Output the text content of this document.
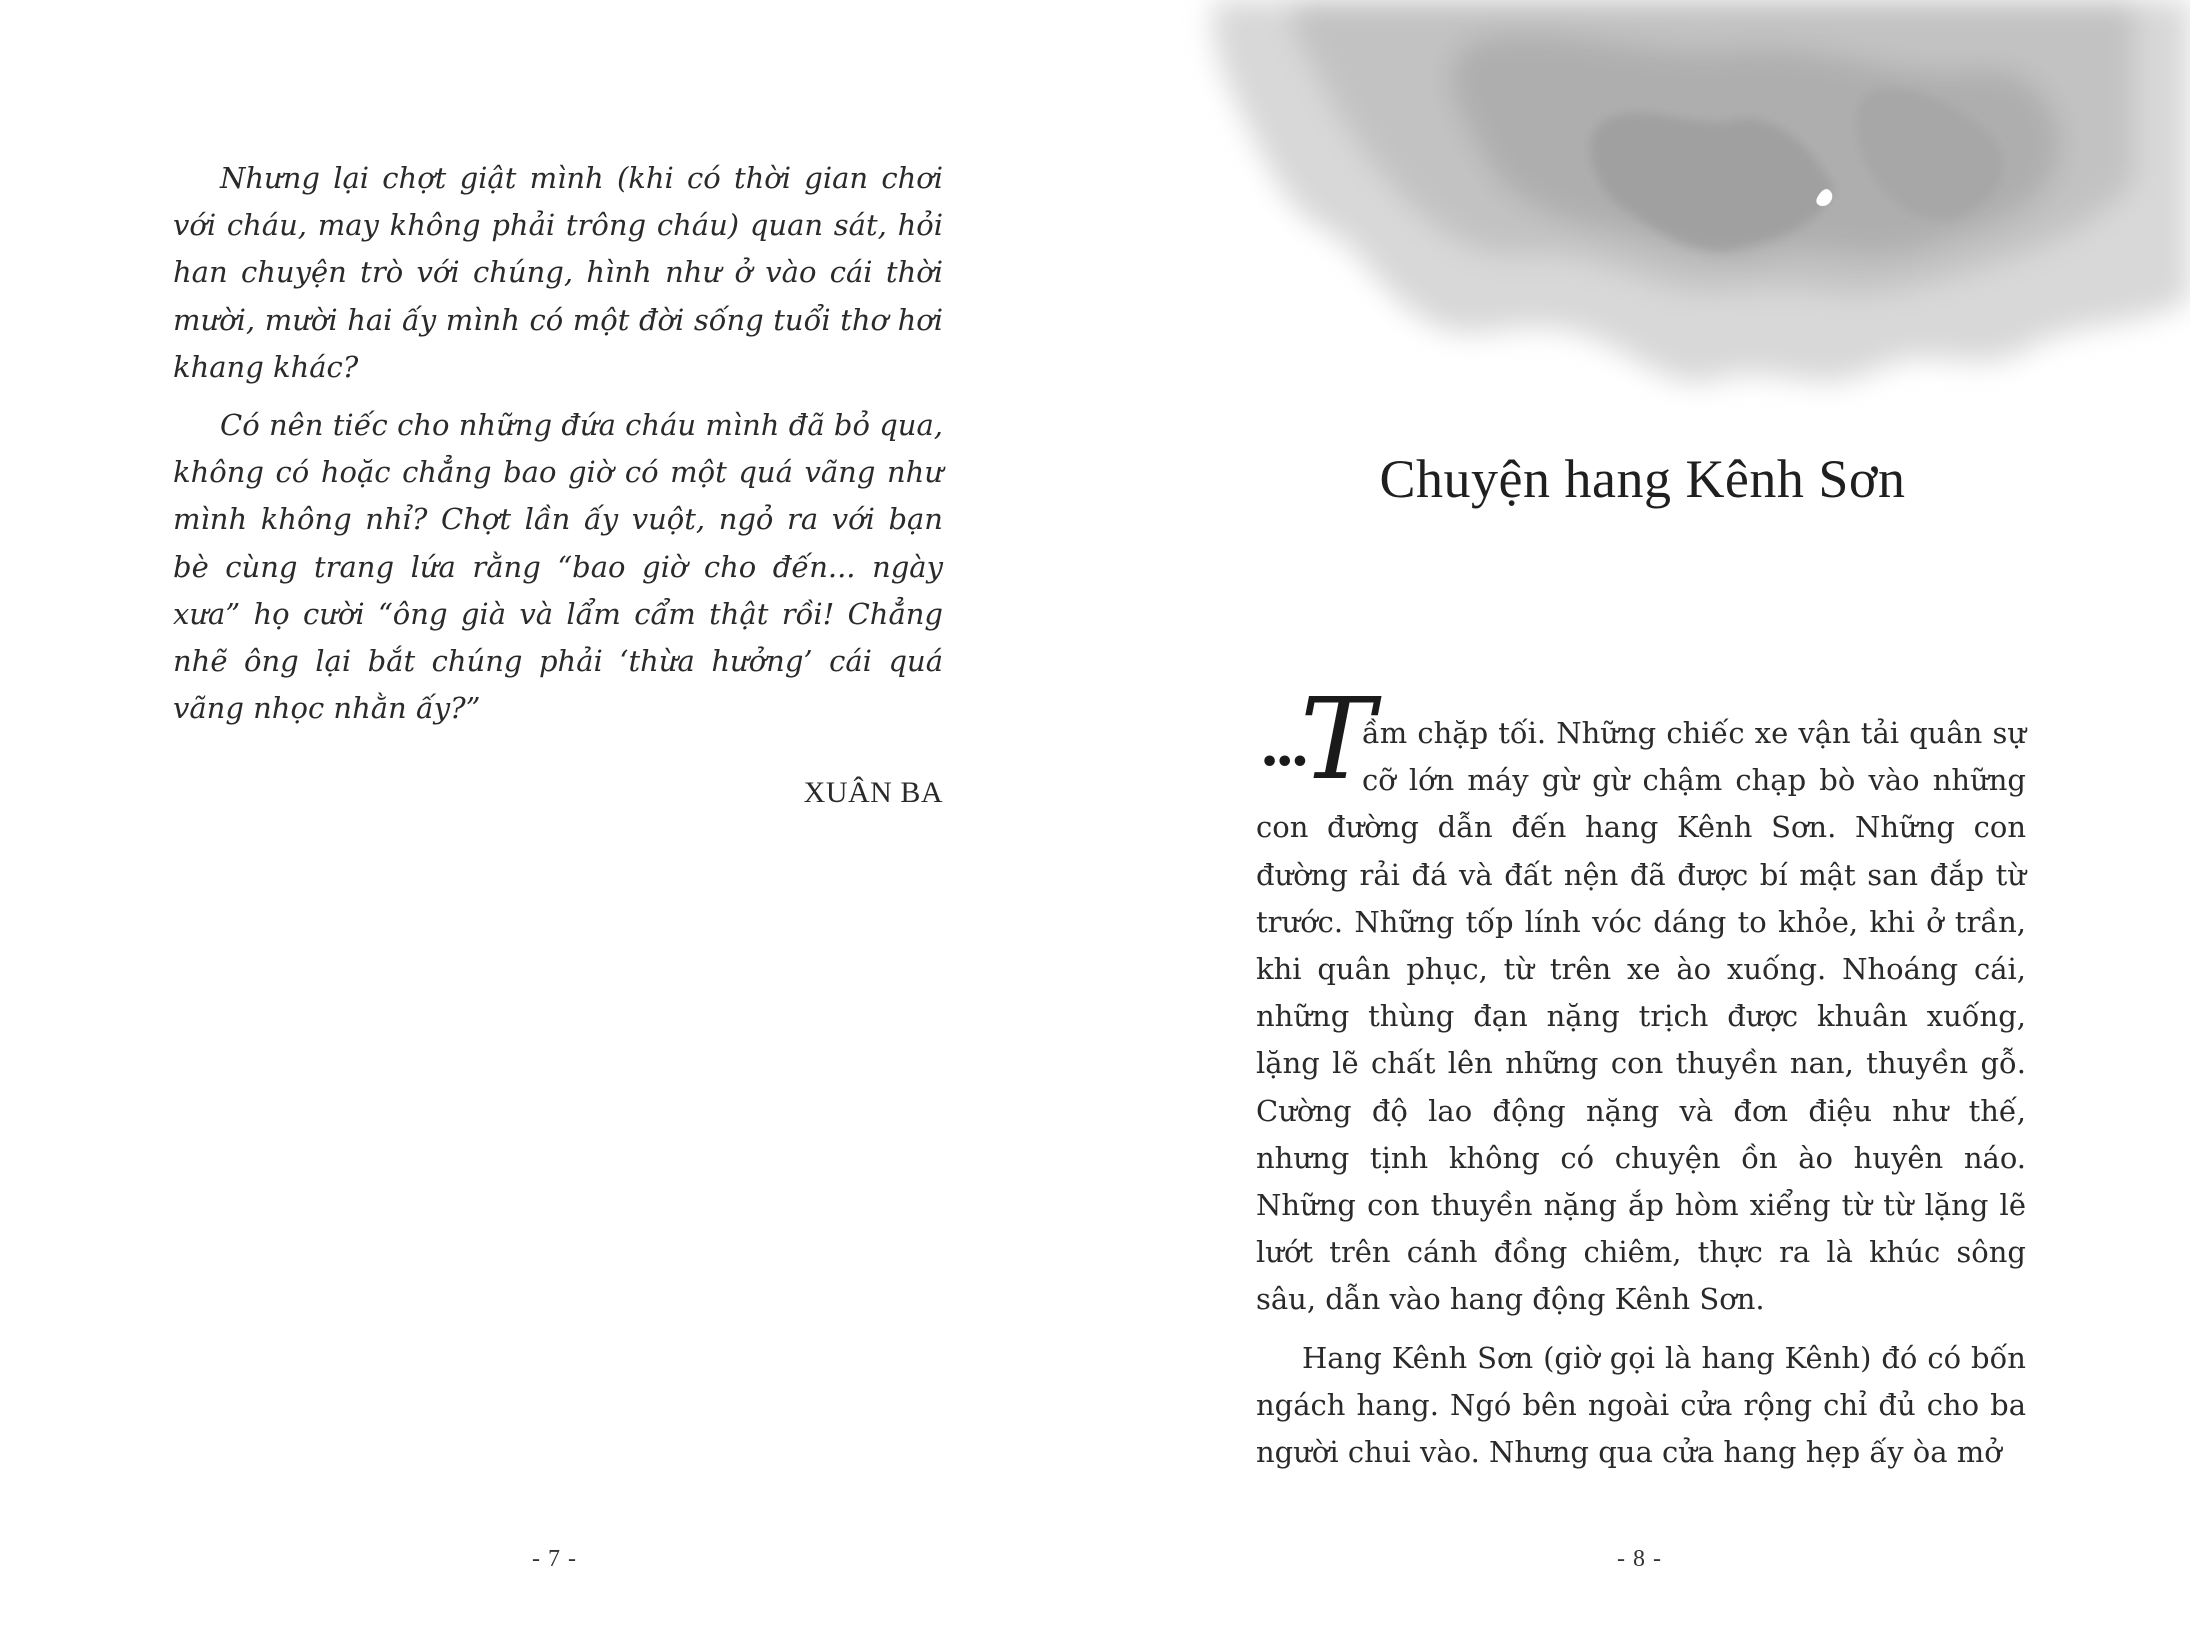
Nhưng lại chợt giật mình (khi có thời gian chơi với cháu, may không phải trông cháu) quan sát, hỏi han chuyện trò với chúng, hình như ở vào cái thời mười, mười hai ấy mình có một đời sống tuổi thơ hơi khang khác?

Có nên tiếc cho những đứa cháu mình đã bỏ qua, không có hoặc chẳng bao giờ có một quá vãng như mình không nhỉ? Chợt lần ấy vuột, ngỏ ra với bạn bè cùng trang lứa rằng “bao giờ cho đến... ngày xưa” họ cười “ông già và lẩm cẩm thật rồi! Chẳng nhẽ ông lại bắt chúng phải ‘thừa hưởng’ cái quá vãng nhọc nhằn ấy?”

XUÂN BA
- 7 -
Chuyện hang Kênh Sơn

•••
T
ầm chặp tối. Những chiếc xe vận tải quân sự cỡ lớn máy gừ gừ chậm chạp bò vào những con đường dẫn đến hang Kênh Sơn. Những con đường rải đá và đất nện đã được bí mật san đắp từ trước. Những tốp lính vóc dáng to khỏe, khi ở trần, khi quân phục, từ trên xe ào xuống. Nhoáng cái, những thùng đạn nặng trịch được khuân xuống, lặng lẽ chất lên những con thuyền nan, thuyền gỗ. Cường độ lao động nặng và đơn điệu như thế, nhưng tịnh không có chuyện ồn ào huyên náo. Những con thuyền nặng ắp hòm xiểng từ từ lặng lẽ lướt trên cánh đồng chiêm, thực ra là khúc sông sâu, dẫn vào hang động Kênh Sơn.

Hang Kênh Sơn (giờ gọi là hang Kênh) đó có bốn ngách hang. Ngó bên ngoài cửa rộng chỉ đủ cho ba người chui vào. Nhưng qua cửa hang hẹp ấy òa mở

- 8 -
